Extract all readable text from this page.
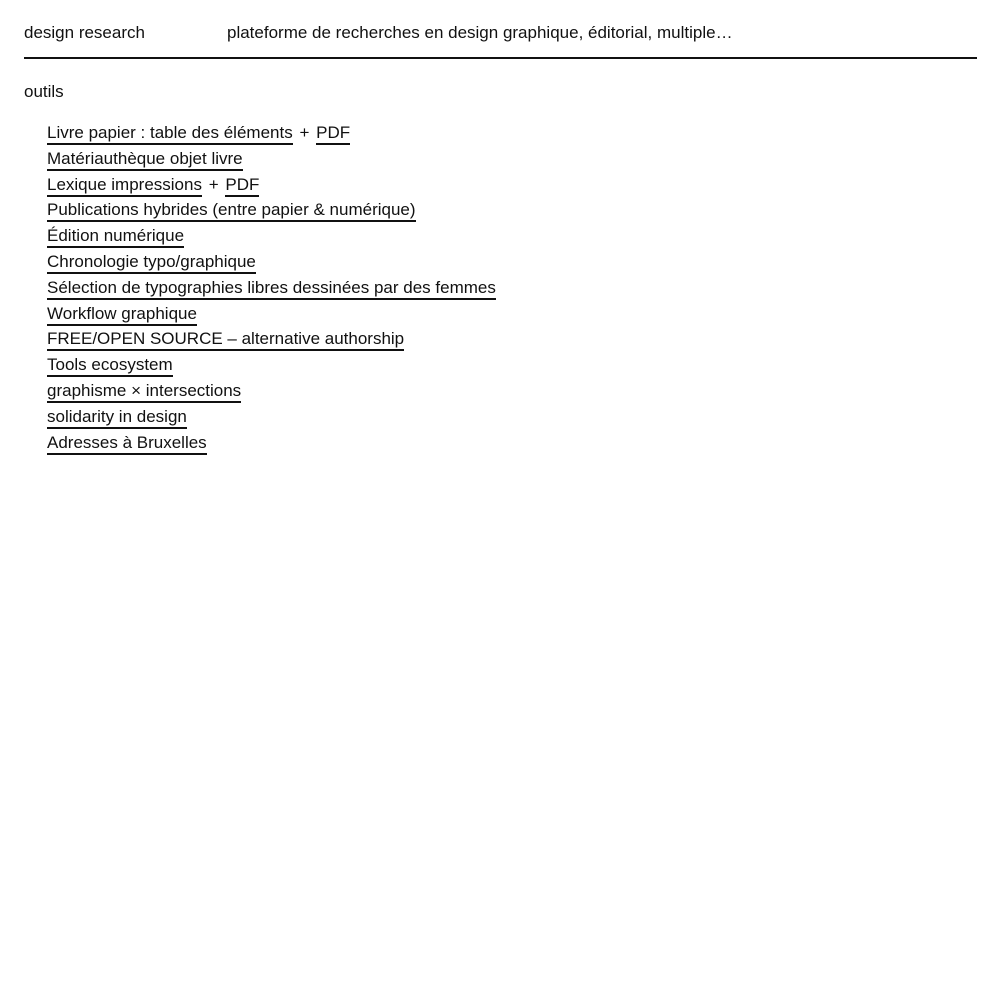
design research	plateforme de recherches en design graphique, éditorial, multiple…
outils
Livre papier : table des éléments + PDF
Matériauthèque objet livre
Lexique impressions + PDF
Publications hybrides (entre papier & numérique)
Édition numérique
Chronologie typo/graphique
Sélection de typographies libres dessinées par des femmes
Workflow graphique
FREE/OPEN SOURCE – alternative authorship
Tools ecosystem
graphisme × intersections
solidarity in design
Adresses à Bruxelles
